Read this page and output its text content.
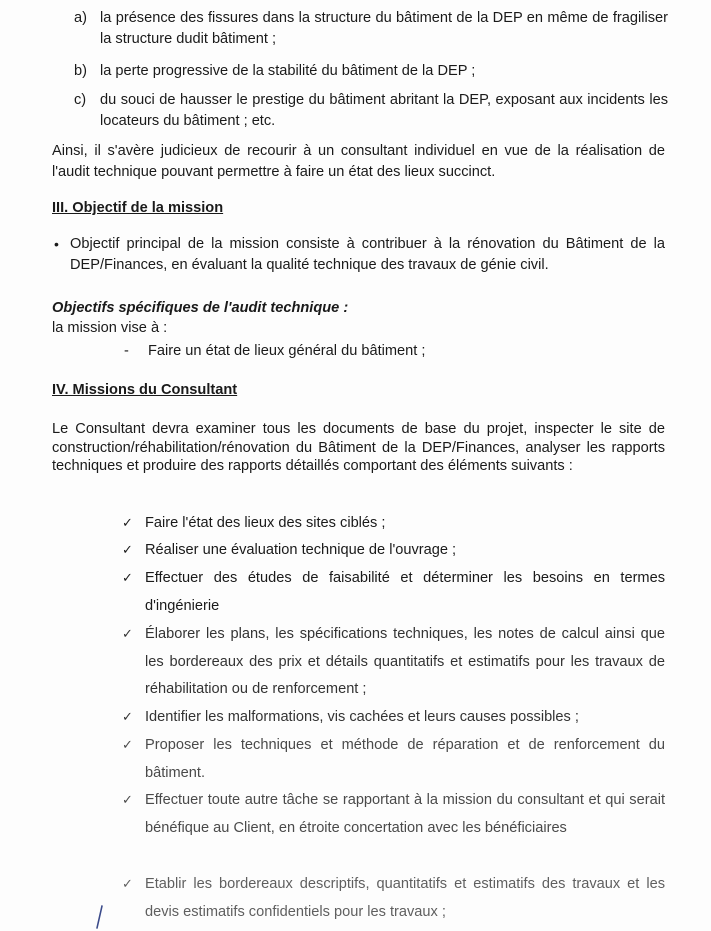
a) la présence des fissures dans la structure du bâtiment de la DEP en même de fragiliser la structure dudit bâtiment ;
b) la perte progressive de la stabilité du bâtiment de la DEP ;
c) du souci de hausser le prestige du bâtiment abritant la DEP, exposant aux incidents les locateurs du bâtiment ; etc.
Ainsi, il s'avère judicieux de recourir à un consultant individuel en vue de la réalisation de l'audit technique pouvant permettre à faire un état des lieux succinct.
III. Objectif de la mission
• Objectif principal de la mission consiste à contribuer à la rénovation du Bâtiment de la DEP/Finances, en évaluant la qualité technique des travaux de génie civil.
Objectifs spécifiques de l'audit technique :
la mission vise à :
- Faire un état de lieux général du bâtiment ;
IV. Missions du Consultant
Le Consultant devra examiner tous les documents de base du projet, inspecter le site de construction/réhabilitation/rénovation du Bâtiment de la DEP/Finances, analyser les rapports techniques et produire des rapports détaillés comportant des éléments suivants :
✓ Faire l'état des lieux des sites ciblés ;
✓ Réaliser une évaluation technique de l'ouvrage ;
✓ Effectuer des études de faisabilité et déterminer les besoins en termes d'ingénierie
✓ Élaborer les plans, les spécifications techniques, les notes de calcul ainsi que les bordereaux des prix et détails quantitatifs et estimatifs pour les travaux de réhabilitation ou de renforcement ;
✓ Identifier les malformations, vis cachées et leurs causes possibles ;
✓ Proposer les techniques et méthode de réparation et de renforcement du bâtiment.
✓ Effectuer toute autre tâche se rapportant à la mission du consultant et qui serait bénéfique au Client, en étroite concertation avec les bénéficiaires
✓ Etablir les bordereaux descriptifs, quantitatifs et estimatifs des travaux et les devis estimatifs confidentiels pour les travaux ;
